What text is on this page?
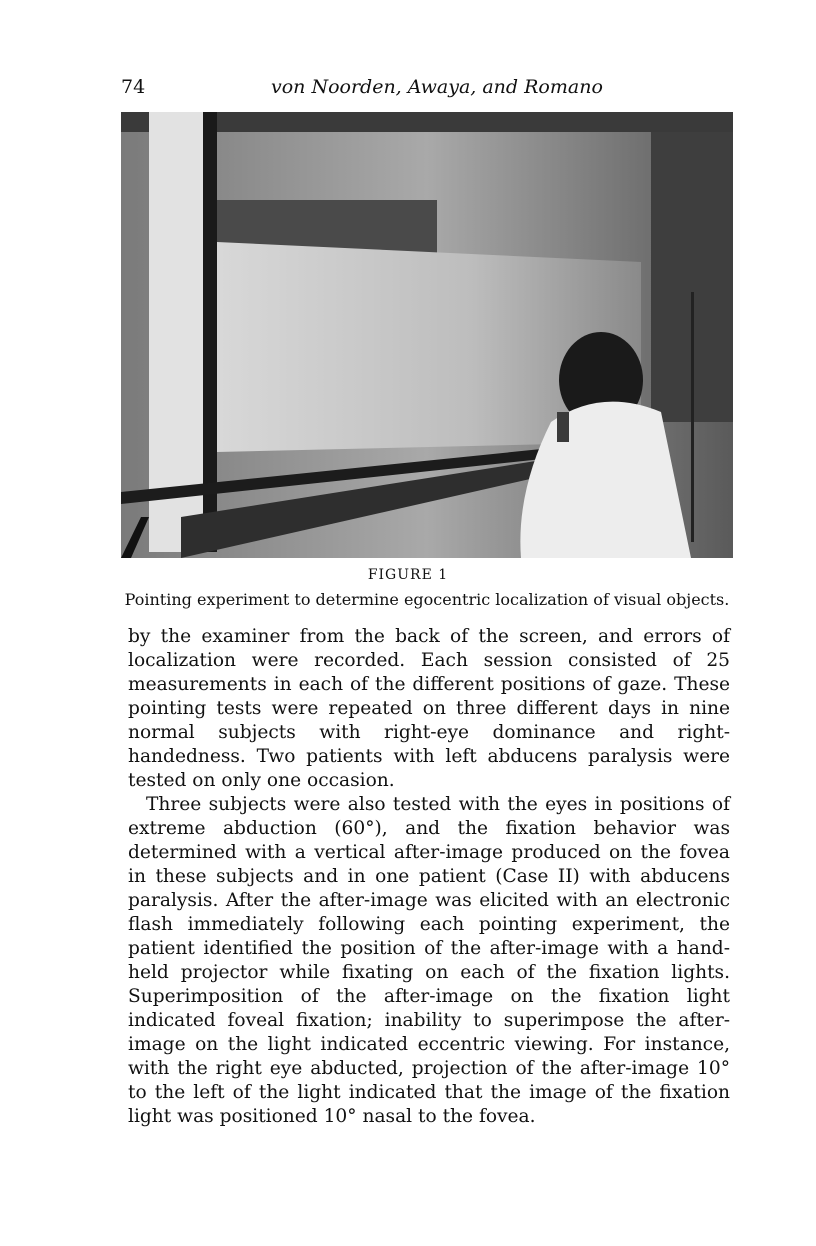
74	von Noorden, Awaya, and Romano
FIGURE 1
Pointing experiment to determine egocentric localization of visual objects.

by the examiner from the back of the screen, and errors of localization were recorded. Each session consisted of 25 measurements in each of the different positions of gaze. These pointing tests were repeated on three different days in nine normal subjects with right-eye dominance and right-handedness. Two patients with left abducens paralysis were tested on only one occasion.

Three subjects were also tested with the eyes in positions of extreme abduction (60°), and the fixation behavior was determined with a vertical after-image produced on the fovea in these subjects and in one patient (Case II) with abducens paralysis. After the after-image was elicited with an electronic flash immediately following each pointing experiment, the patient identified the position of the after-image with a hand-held projector while fixating on each of the fixation lights. Superimposition of the after-image on the fixation light indicated foveal fixation; inability to superimpose the after-image on the light indicated eccentric viewing. For instance, with the right eye abducted, projection of the after-image 10° to the left of the light indicated that the image of the fixation light was positioned 10° nasal to the fovea.
